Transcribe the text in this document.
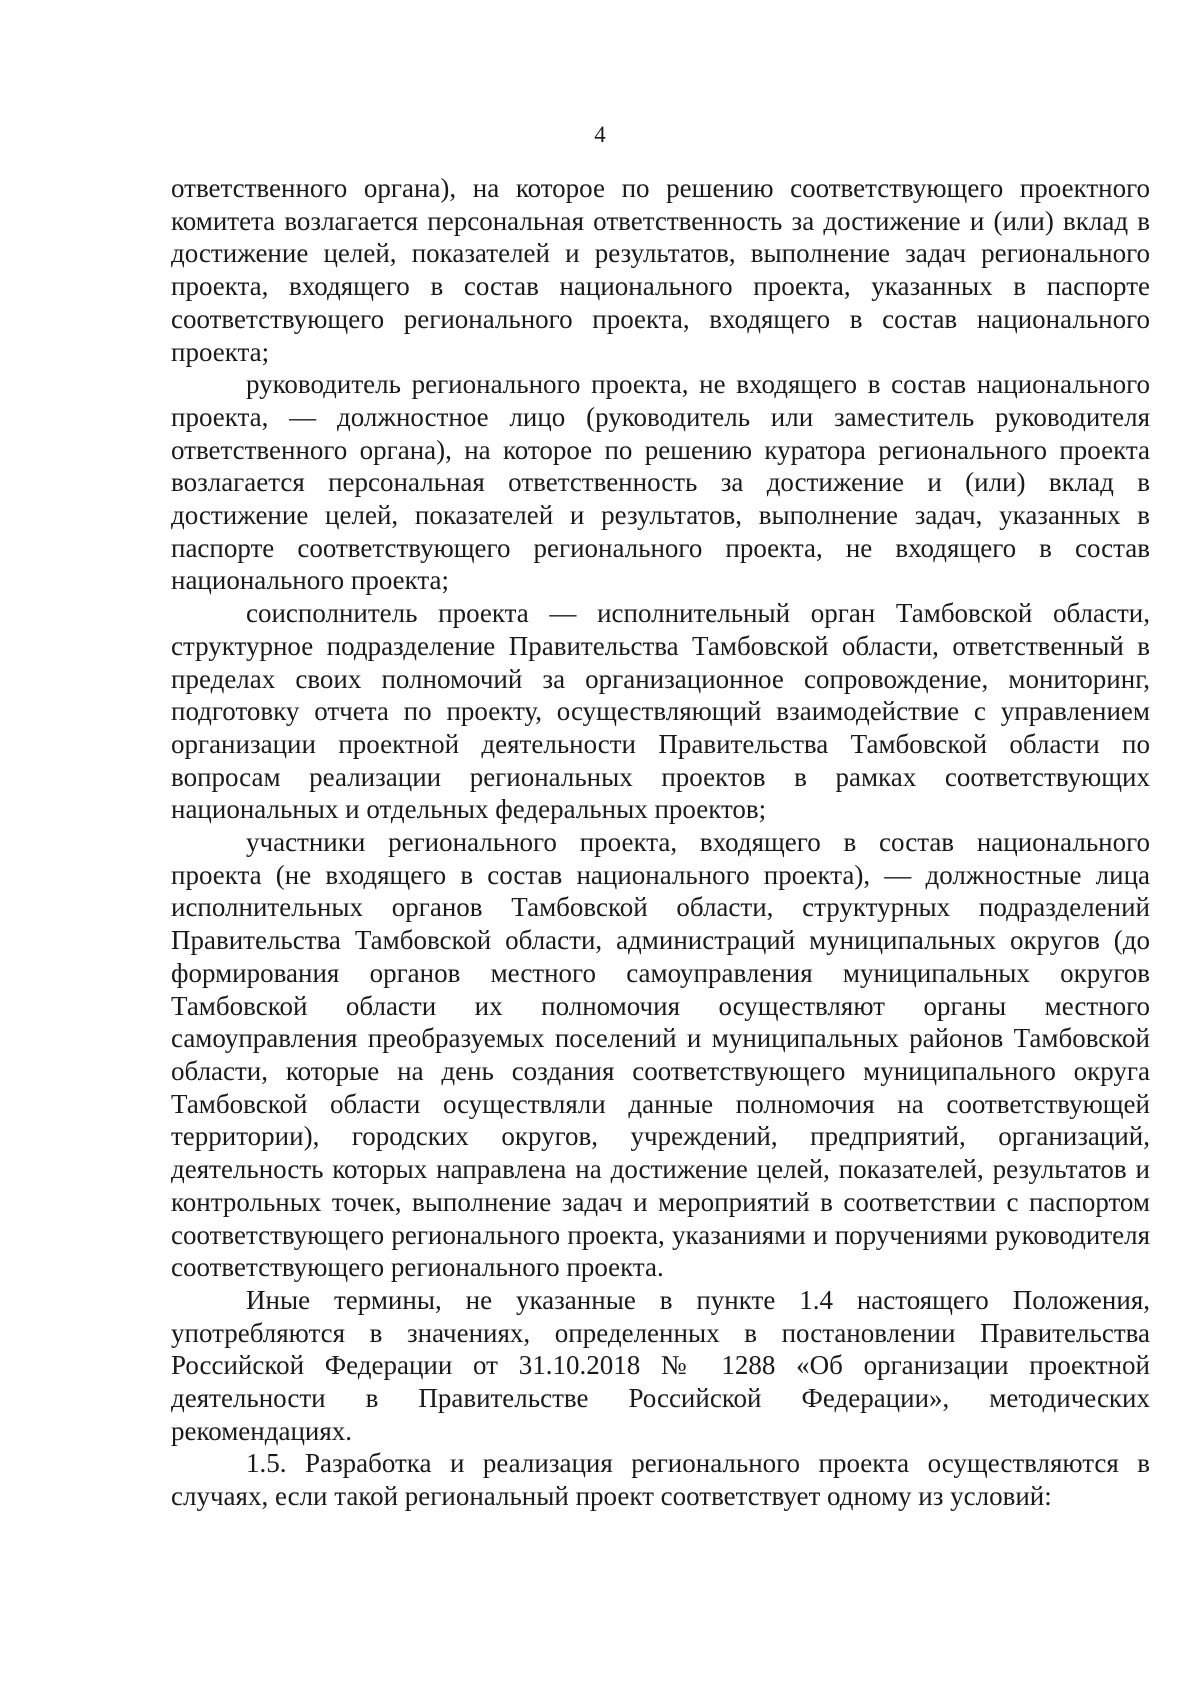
4

ответственного органа), на которое по решению соответствующего проектного комитета возлагается персональная ответственность за достижение и (или) вклад в достижение целей, показателей и результатов, выполнение задач регионального проекта, входящего в состав национального проекта, указанных в паспорте соответствующего регионального проекта, входящего в состав национального проекта;

руководитель регионального проекта, не входящего в состав национального проекта, — должностное лицо (руководитель или заместитель руководителя ответственного органа), на которое по решению куратора регионального проекта возлагается персональная ответственность за достижение и (или) вклад в достижение целей, показателей и результатов, выполнение задач, указанных в паспорте соответствующего регионального проекта, не входящего в состав национального проекта;

соисполнитель проекта — исполнительный орган Тамбовской области, структурное подразделение Правительства Тамбовской области, ответственный в пределах своих полномочий за организационное сопровождение, мониторинг, подготовку отчета по проекту, осуществляющий взаимодействие с управлением организации проектной деятельности Правительства Тамбовской области по вопросам реализации региональных проектов в рамках соответствующих национальных и отдельных федеральных проектов;

участники регионального проекта, входящего в состав национального проекта (не входящего в состав национального проекта), — должностные лица исполнительных органов Тамбовской области, структурных подразделений Правительства Тамбовской области, администраций муниципальных округов (до формирования органов местного самоуправления муниципальных округов Тамбовской области их полномочия осуществляют органы местного самоуправления преобразуемых поселений и муниципальных районов Тамбовской области, которые на день создания соответствующего муниципального округа Тамбовской области осуществляли данные полномочия на соответствующей территории), городских округов, учреждений, предприятий, организаций, деятельность которых направлена на достижение целей, показателей, результатов и контрольных точек, выполнение задач и мероприятий в соответствии с паспортом соответствующего регионального проекта, указаниями и поручениями руководителя соответствующего регионального проекта.

Иные термины, не указанные в пункте 1.4 настоящего Положения, употребляются в значениях, определенных в постановлении Правительства Российской Федерации от 31.10.2018 № 1288 «Об организации проектной деятельности в Правительстве Российской Федерации», методических рекомендациях.

1.5. Разработка и реализация регионального проекта осуществляются в случаях, если такой региональный проект соответствует одному из условий:
